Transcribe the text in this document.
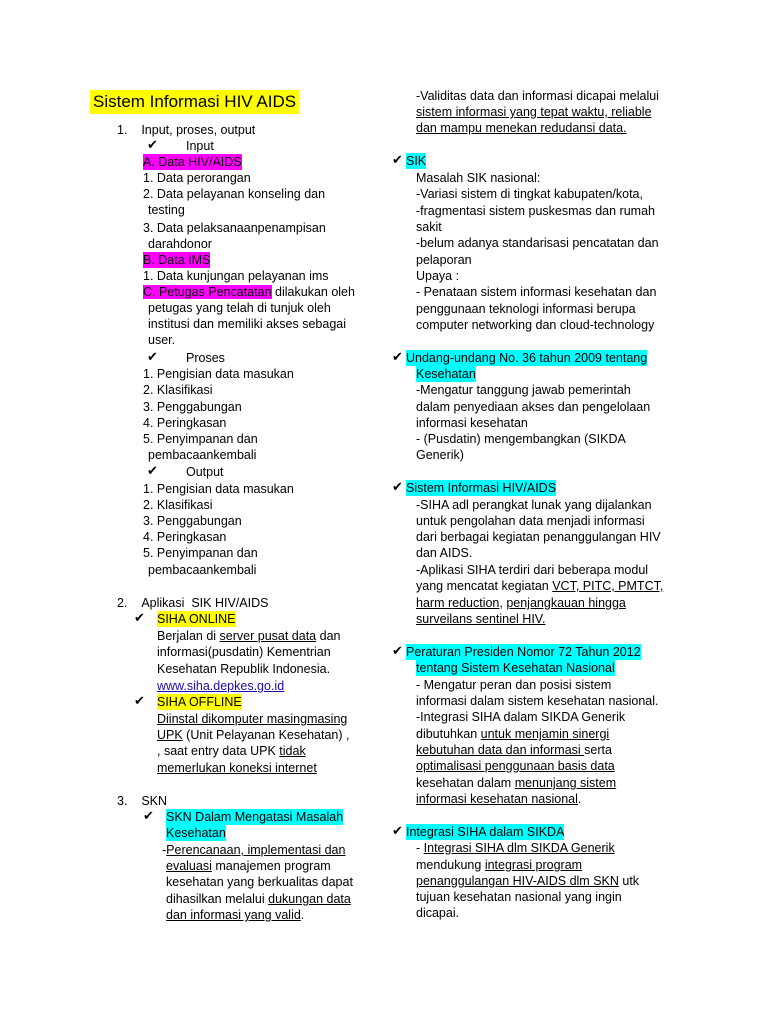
Sistem Informasi HIV AIDS
1.    Input, proses, output
✔ Input
A. Data HIV/AIDS
1. Data perorangan
2. Data pelayanan konseling dan
testing
3. Data pelaksanaanpenampisan
darahdonor
B. Data IMS
1. Data kunjungan pelayanan ims
C. Petugas Pencatatan dilakukan oleh
petugas yang telah di tunjuk oleh
institusi dan memiliki akses sebagai
user.
✔ Proses
1. Pengisian data masukan
2. Klasifikasi
3. Penggabungan
4. Peringkasan
5. Penyimpanan dan
pembacaankembali
✔ Output
1. Pengisian data masukan
2. Klasifikasi
3. Penggabungan
4. Peringkasan
5. Penyimpanan dan
pembacaankembali
2.    Aplikasi  SIK HIV/AIDS
✔ SIHA ONLINE
Berjalan di server pusat data dan
informasi(pusdatin) Kementrian
Kesehatan Republik Indonesia.
www.siha.depkes.go.id
✔ SIHA OFFLINE
Diinstal dikomputer masingmasing
UPK (Unit Pelayanan Kesehatan) ,
, saat entry data UPK tidak
memerlukan koneksi internet
3.    SKN
✔ SKN Dalam Mengatasi Masalah
Kesehatan
-Perencanaan, implementasi dan
evaluasi manajemen program
kesehatan yang berkualitas dapat
dihasilkan melalui dukungan data
dan informasi yang valid.
-Validitas data dan informasi dicapai melalui
sistem informasi yang tepat waktu, reliable
dan mampu menekan redudansi data.
✔ SIK
Masalah SIK nasional:
-Variasi sistem di tingkat kabupaten/kota,
-fragmentasi sistem puskesmas dan rumah
sakit
-belum adanya standarisasi pencatatan dan
pelaporan
Upaya :
- Penataan sistem informasi kesehatan dan
penggunaan teknologi informasi berupa
computer networking dan cloud-technology
✔ Undang-undang No. 36 tahun 2009 tentang
Kesehatan
-Mengatur tanggung jawab pemerintah
dalam penyediaan akses dan pengelolaan
informasi kesehatan
- (Pusdatin) mengembangkan (SIKDA
Generik)
✔ Sistem Informasi HIV/AIDS
-SIHA adl perangkat lunak yang dijalankan
untuk pengolahan data menjadi informasi
dari berbagai kegiatan penanggulangan HIV
dan AIDS.
-Aplikasi SIHA terdiri dari beberapa modul
yang mencatat kegiatan VCT, PITC, PMTCT,
harm reduction, penjangkauan hingga
surveilans sentinel HIV.
✔ Peraturan Presiden Nomor 72 Tahun 2012
tentang Sistem Kesehatan Nasional
- Mengatur peran dan posisi sistem
informasi dalam sistem kesehatan nasional.
-Integrasi SIHA dalam SIKDA Generik
dibutuhkan untuk menjamin sinergi
kebutuhan data dan informasi serta
optimalisasi penggunaan basis data
kesehatan dalam menunjang sistem
informasi kesehatan nasional.
✔ Integrasi SIHA dalam SIKDA
- Integrasi SIHA dlm SIKDA Generik
mendukung integrasi program
penanggulangan HIV-AIDS dlm SKN utk
tujuan kesehatan nasional yang ingin
dicapai.
